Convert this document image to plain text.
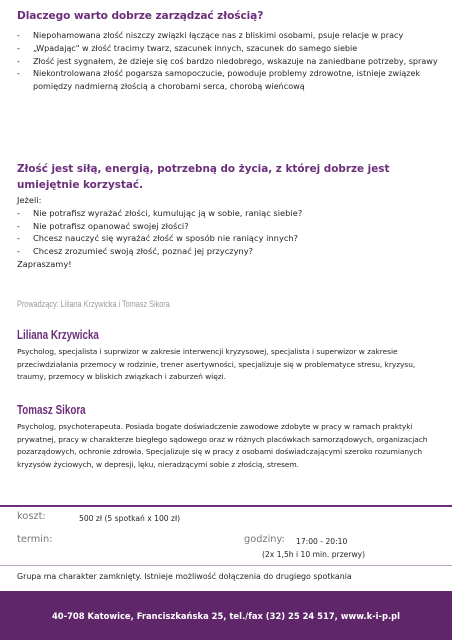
Dlaczego warto dobrze zarządzać złością?
- Niepohamowana złość niszczy związki łączące nas z bliskimi osobami, psuje relacje w pracy
- „Wpadając" w złość tracimy twarz, szacunek innych, szacunek do samego siebie
- Złość jest sygnałem, że dzieje się coś bardzo niedobrego, wskazuje na zaniedbane potrzeby, sprawy
- Niekontrolowana złość pogarsza samopoczucie, powoduje problemy zdrowotne, istnieje związek pomiędzy nadmierną złością a chorobami serca, chorobą wieńcową
Złość jest siłą, energią, potrzebną do życia, z której dobrze jest umiejętnie korzystać.
Jeżeli:
- Nie potrafisz wyrażać złości, kumulując ją w sobie, raniąc siebie?
- Nie potrafisz opanować swojej złości?
- Chcesz nauczyć się wyrażać złość w sposób nie raniący innych?
- Chcesz zrozumieć swoją złość, poznać jej przyczyny?
Zapraszamy!
Prowadzący: Liliana Krzywicka i Tomasz Sikora
Liliana Krzywicka

Psycholog, specjalista i suprwizor w zakresie interwencji kryzysowej, specjalista i superwizor w zakresie przeciwdziałania przemocy w rodzinie, trener asertywności, specjalizuje się w problematyce stresu, kryzysu, traumy, przemocy w bliskich związkach i zaburzeń więzi.

Tomasz Sikora

Psycholog, psychoterapeuta. Posiada bogate doświadczenie zawodowe zdobyte w pracy w ramach praktyki prywatnej, pracy w charakterze biegłego sądowego oraz w różnych placówkach samorządowych, organizacjach pozarządowych, ochronie zdrowia. Specjalizuje się w pracy z osobami doświadczającymi szeroko rozumianych kryzysów życiowych, w depresji, lęku, nieradzącymi sobie z złością, stresem.

koszt:	500 zł (5 spotkań x 100 zł)
termin:	godziny: 17:00 - 20:10
(2x 1,5h i 10 min. przerwy)
Grupa ma charakter zamknięty. Istnieje możliwość dołączenia do drugiego spotkania
40-708 Katowice, Franciszkańska 25, tel./fax (32) 25 24 517, www.k-i-p.pl
